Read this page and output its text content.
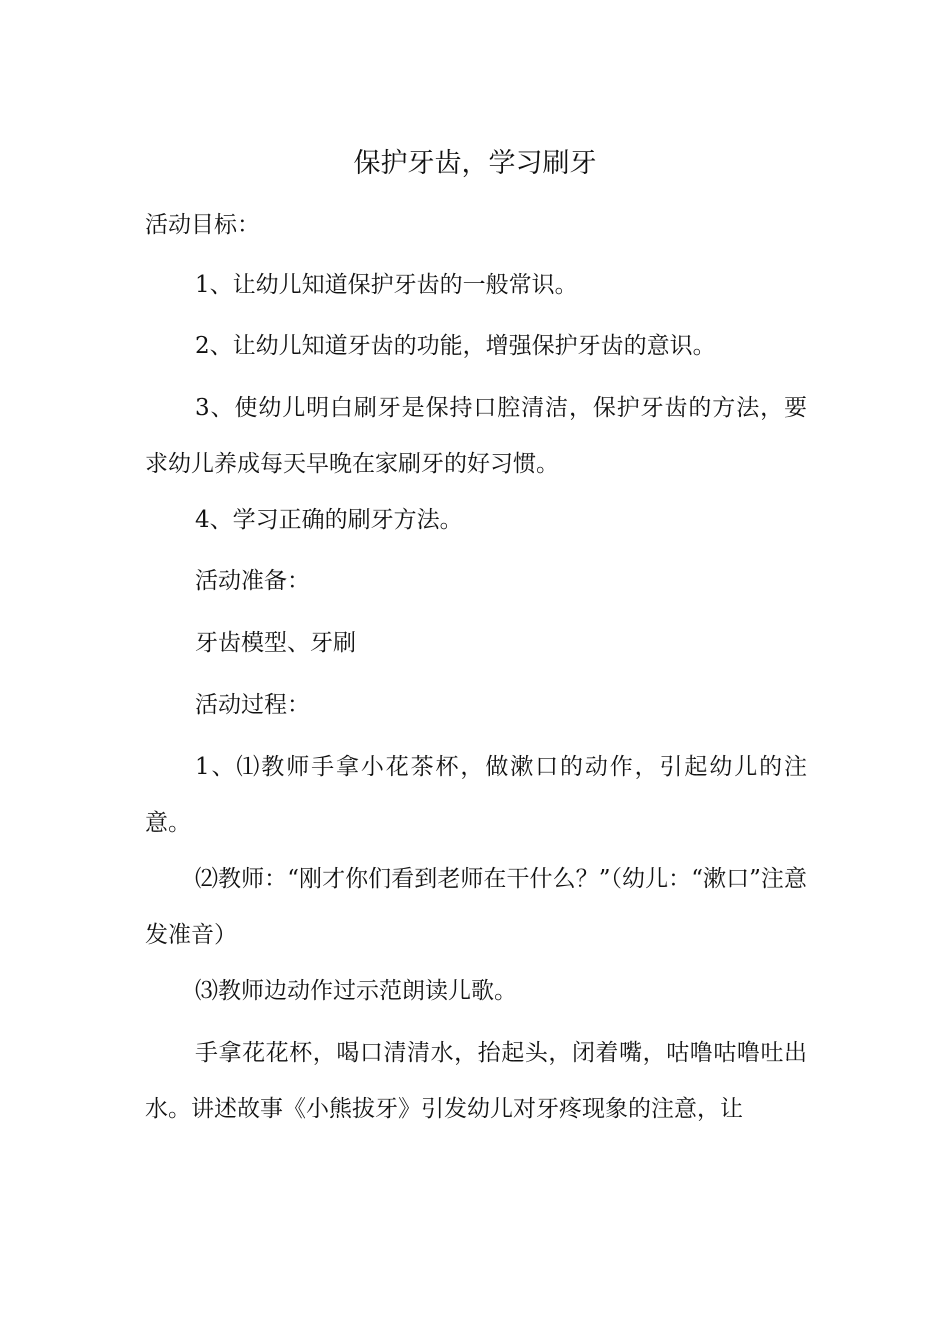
保护牙齿，学习刷牙
活动目标：
1、让幼儿知道保护牙齿的一般常识。
2、让幼儿知道牙齿的功能，增强保护牙齿的意识。
3、使幼儿明白刷牙是保持口腔清洁，保护牙齿的方法，要求幼儿养成每天早晚在家刷牙的好习惯。
4、学习正确的刷牙方法。
活动准备：
牙齿模型、牙刷
活动过程：
1、⑴教师手拿小花茶杯，做漱口的动作，引起幼儿的注意。
⑵教师：“刚才你们看到老师在干什么？”（幼儿：“漱口”注意发准音）
⑶教师边动作过示范朗读儿歌。
手拿花花杯，喝口清清水，抬起头，闭着嘴，咕噜咕噜吐出水。讲述故事《小熊拔牙》引发幼儿对牙疼现象的注意，让
